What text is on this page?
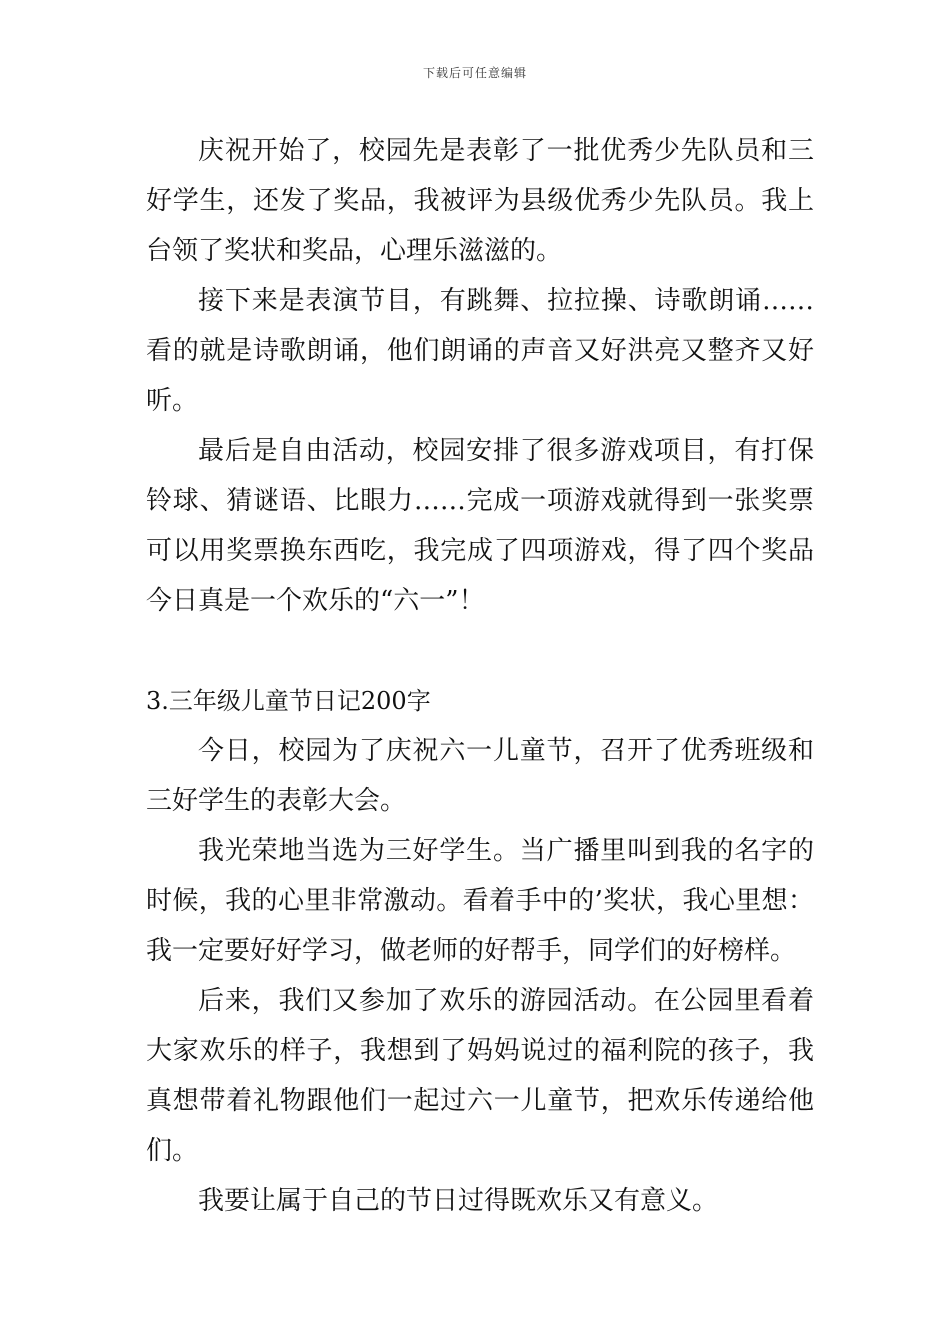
下载后可任意编辑

庆祝开始了，校园先是表彰了一批优秀少先队员和三好学生，还发了奖品，我被评为县级优秀少先队员。我上台领了奖状和奖品，心理乐滋滋的。

接下来是表演节目，有跳舞、拉拉操、诗歌朗诵……看的就是诗歌朗诵，他们朗诵的声音又好洪亮又整齐又好听。

最后是自由活动，校园安排了很多游戏项目，有打保铃球、猜谜语、比眼力……完成一项游戏就得到一张奖票可以用奖票换东西吃，我完成了四项游戏，得了四个奖品今日真是一个欢乐的“六一”！

3.三年级儿童节日记200字

今日，校园为了庆祝六一儿童节，召开了优秀班级和三好学生的表彰大会。

我光荣地当选为三好学生。当广播里叫到我的名字的时候，我的心里非常激动。看着手中的’奖状，我心里想：我一定要好好学习，做老师的好帮手，同学们的好榜样。

后来，我们又参加了欢乐的游园活动。在公园里看着大家欢乐的样子，我想到了妈妈说过的福利院的孩子，我真想带着礼物跟他们一起过六一儿童节，把欢乐传递给他们。

我要让属于自己的节日过得既欢乐又有意义。
